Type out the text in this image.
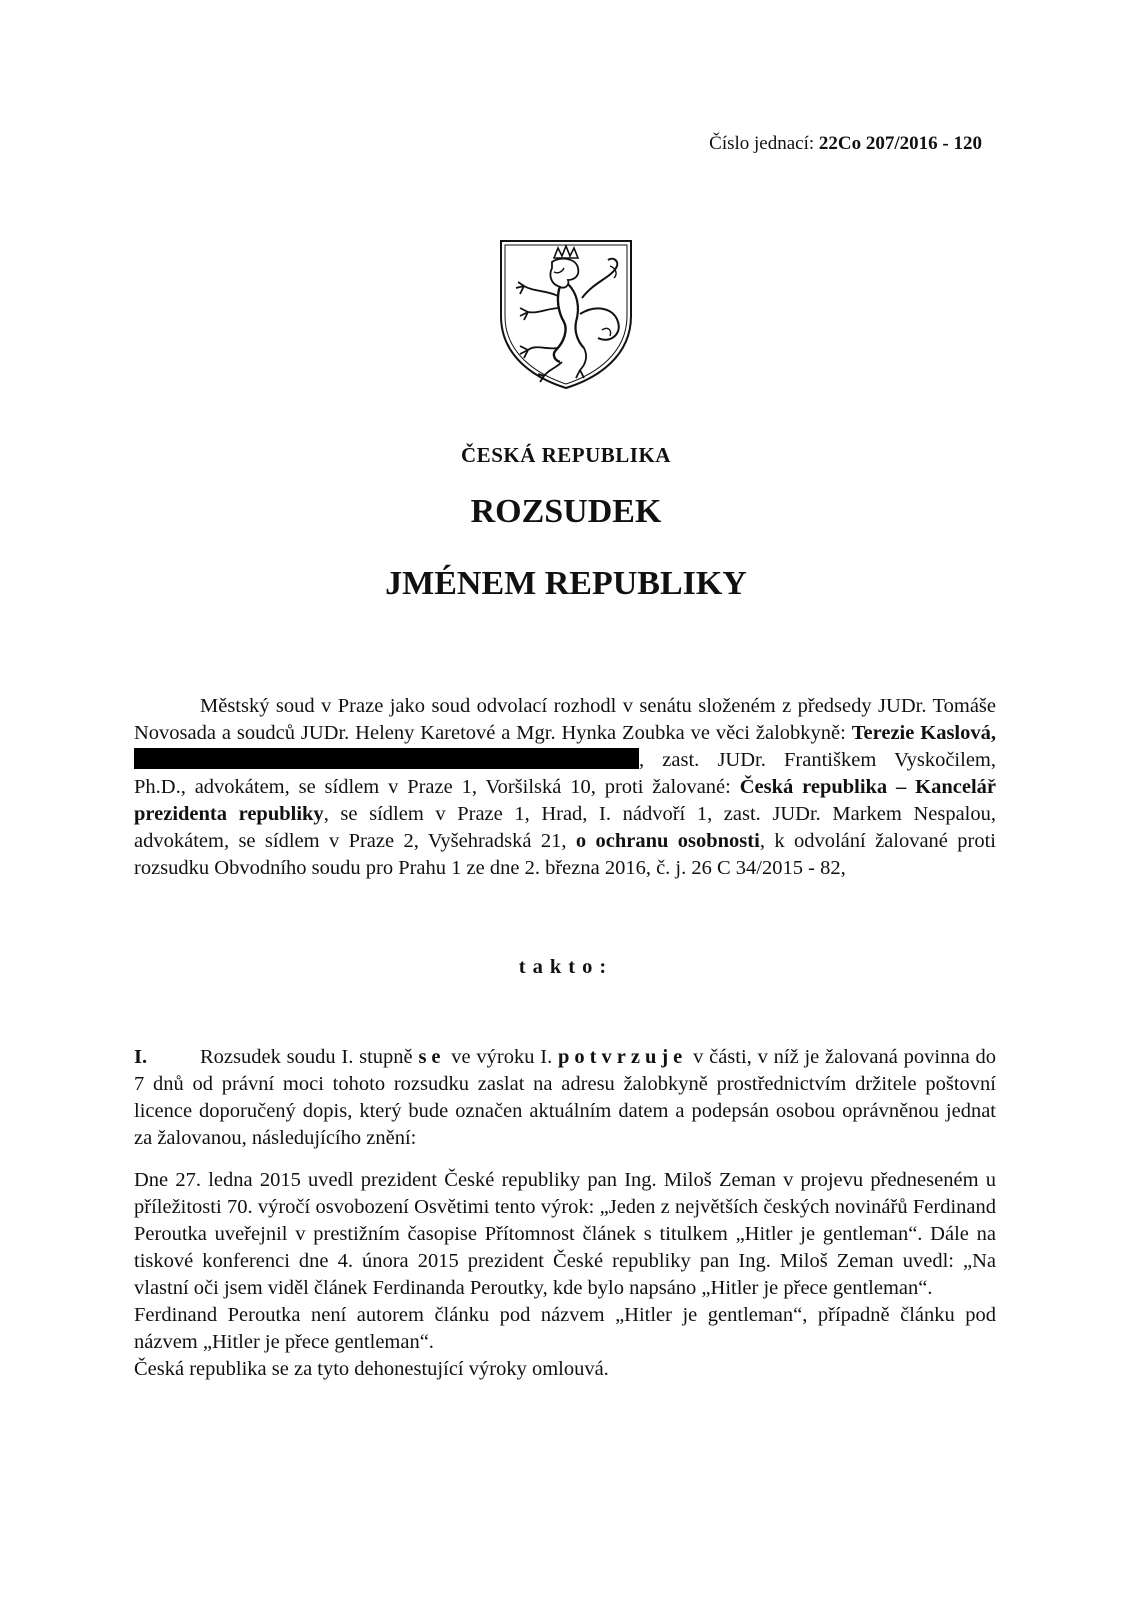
Číslo jednací: 22Co 207/2016 - 120
ČESKÁ REPUBLIKA
ROZSUDEK
JMÉNEM REPUBLIKY
Městský soud v Praze jako soud odvolací rozhodl v senátu složeném z předsedy JUDr. Tomáše Novosada a soudců JUDr. Heleny Karetové a Mgr. Hynka Zoubka ve věci žalobkyně: Terezie Kaslová,, zast. JUDr. Františkem Vyskočilem, Ph.D., advokátem, se sídlem v Praze 1, Voršilská 10, proti žalované: Česká republika – Kancelář prezidenta republiky, se sídlem v Praze 1, Hrad, I. nádvoří 1, zast. JUDr. Markem Nespalou, advokátem, se sídlem v Praze 2, Vyšehradská 21, o ochranu osobnosti, k odvolání žalované proti rozsudku Obvodního soudu pro Prahu 1 ze dne 2. března 2016, č. j. 26 C 34/2015 - 82,
takto:
I.	Rozsudek soudu I. stupně se ve výroku I. potvrzuje v části, v níž je žalovaná povinna do 7 dnů od právní moci tohoto rozsudku zaslat na adresu žalobkyně prostřednictvím držitele poštovní licence doporučený dopis, který bude označen aktuálním datem a podepsán osobou oprávněnou jednat za žalovanou, následujícího znění:

Dne 27. ledna 2015 uvedl prezident České republiky pan Ing. Miloš Zeman v projevu předneseném u příležitosti 70. výročí osvobození Osvětimi tento výrok: „Jeden z největších českých novinářů Ferdinand Peroutka uveřejnil v prestižním časopise Přítomnost článek s titulkem „Hitler je gentleman“. Dále na tiskové konferenci dne 4. února 2015 prezident České republiky pan Ing. Miloš Zeman uvedl: „Na vlastní oči jsem viděl článek Ferdinanda Peroutky, kde bylo napsáno „Hitler je přece gentleman“.

Ferdinand Peroutka není autorem článku pod názvem „Hitler je gentleman“, případně článku pod názvem „Hitler je přece gentleman“.

Česká republika se za tyto dehonestující výroky omlouvá.
